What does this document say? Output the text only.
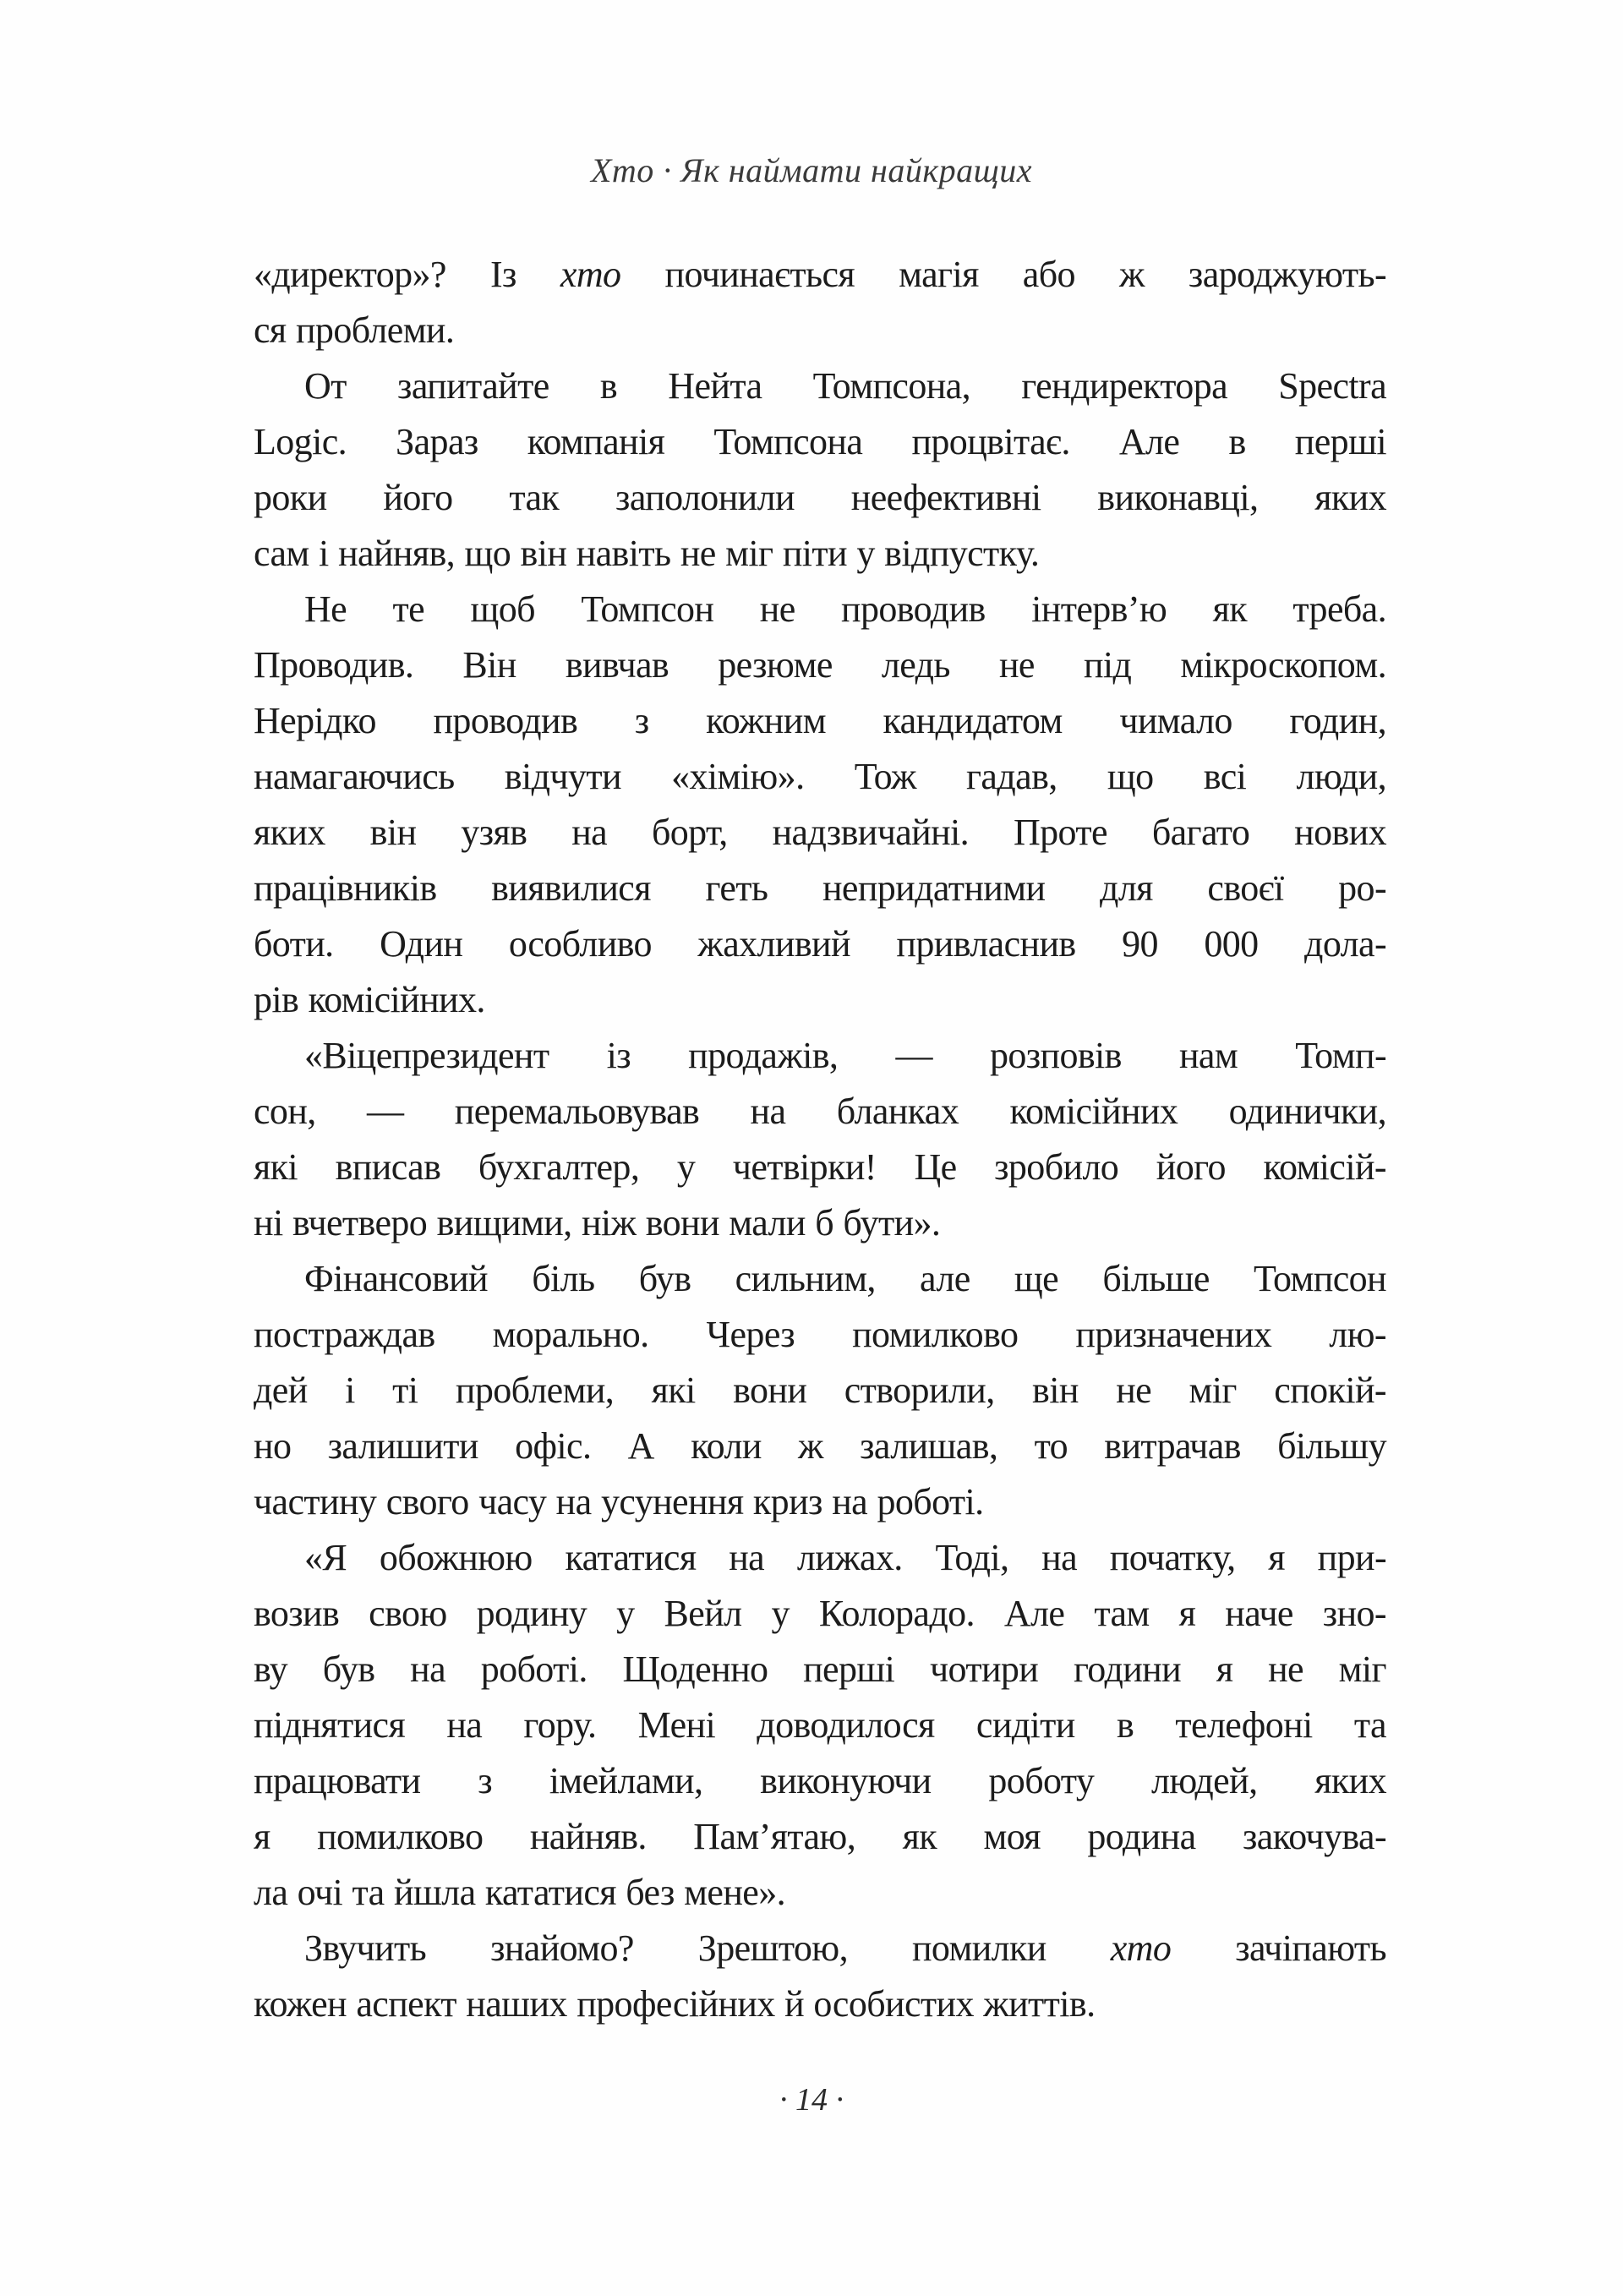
Хто · Як наймати найкращих
«директор»? Із хто починається магія або ж зароджують-
ся проблеми.
От запитайте в Нейта Томпсона, гендиректора Spectra
Logic. Зараз компанія Томпсона процвітає. Але в перші
роки його так заполонили неефективні виконавці, яких
сам і найняв, що він навіть не міг піти у відпустку.
Не те щоб Томпсон не проводив інтерв’ю як треба.
Проводив. Він вивчав резюме ледь не під мікроскопом.
Нерідко проводив з кожним кандидатом чимало годин,
намагаючись відчути «хімію». Тож гадав, що всі люди,
яких він узяв на борт, надзвичайні. Проте багато нових
працівників виявилися геть непридатними для своєї ро-
боти. Один особливо жахливий привласнив 90 000 дола-
рів комісійних.
«Віцепрезидент із продажів, — розповів нам Томп-
сон, — перемальовував на бланках комісійних одинички,
які вписав бухгалтер, у четвірки! Це зробило його комісій-
ні вчетверо вищими, ніж вони мали б бути».
Фінансовий біль був сильним, але ще більше Томпсон
постраждав морально. Через помилково призначених лю-
дей і ті проблеми, які вони створили, він не міг спокій-
но залишити офіс. А коли ж залишав, то витрачав більшу
частину свого часу на усунення криз на роботі.
«Я обожнюю кататися на лижах. Тоді, на початку, я при-
возив свою родину у Вейл у Колорадо. Але там я наче зно-
ву був на роботі. Щоденно перші чотири години я не міг
піднятися на гору. Мені доводилося сидіти в телефоні та
працювати з імейлами, виконуючи роботу людей, яких
я помилково найняв. Пам’ятаю, як моя родина закочува-
ла очі та йшла кататися без мене».
Звучить знайомо? Зрештою, помилки хто зачіпають
кожен аспект наших професійних й особистих життів.
· 14 ·
